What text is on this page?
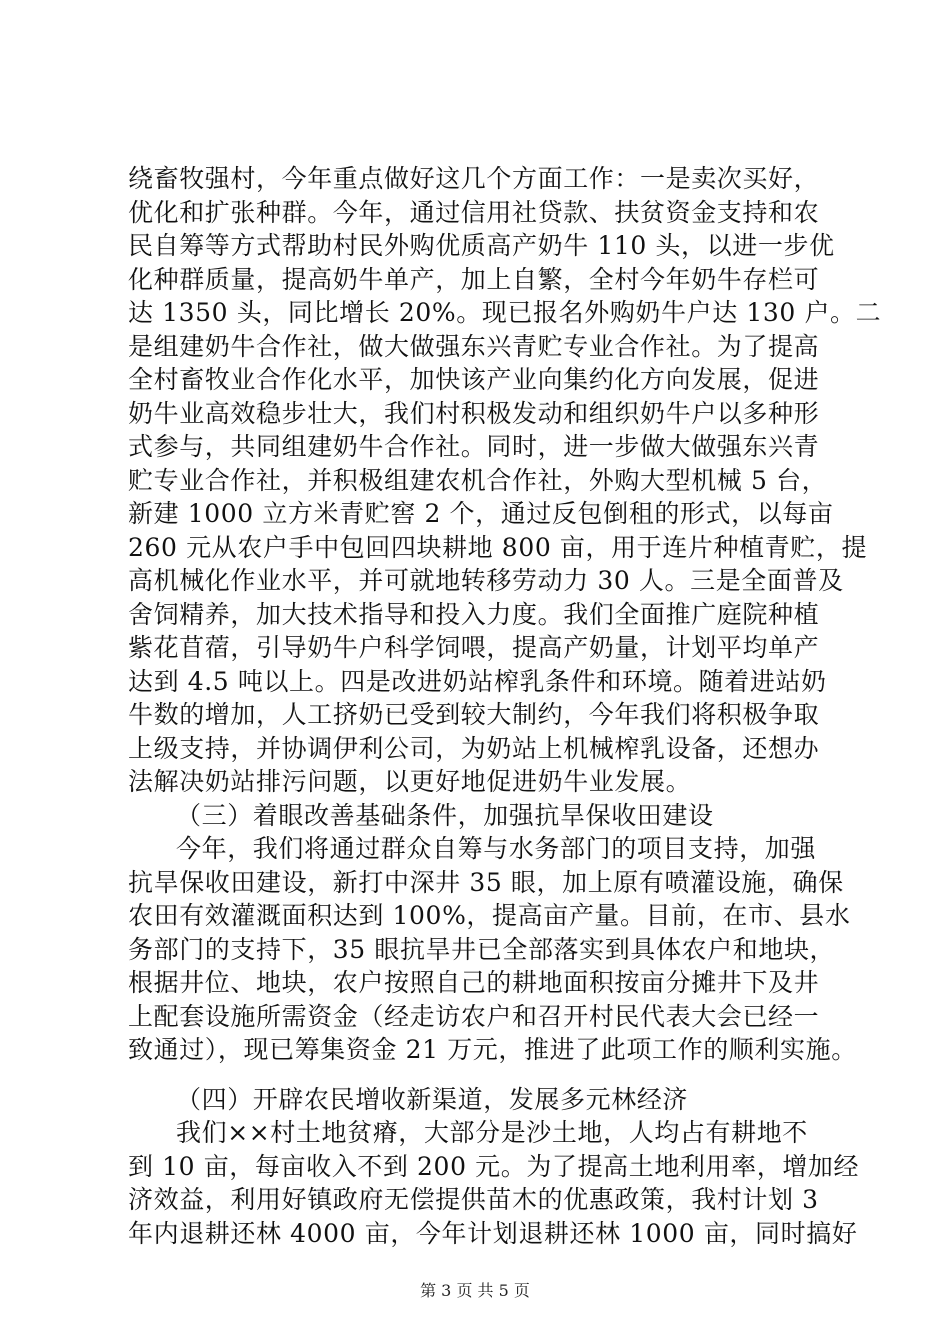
绕畜牧强村，今年重点做好这几个方面工作：一是卖次买好，
优化和扩张种群。今年，通过信用社贷款、扶贫资金支持和农
民自筹等方式帮助村民外购优质高产奶牛 110 头，以进一步优
化种群质量，提高奶牛单产，加上自繁，全村今年奶牛存栏可
达 1350 头，同比增长 20%。现已报名外购奶牛户达 130 户。二
是组建奶牛合作社，做大做强东兴青贮专业合作社。为了提高
全村畜牧业合作化水平，加快该产业向集约化方向发展，促进
奶牛业高效稳步壮大，我们村积极发动和组织奶牛户以多种形
式参与，共同组建奶牛合作社。同时，进一步做大做强东兴青
贮专业合作社，并积极组建农机合作社，外购大型机械 5 台，
新建 1000 立方米青贮窖 2 个，通过反包倒租的形式，以每亩
260 元从农户手中包回四块耕地 800 亩，用于连片种植青贮，提
高机械化作业水平，并可就地转移劳动力 30 人。三是全面普及
舍饲精养，加大技术指导和投入力度。我们全面推广庭院种植
紫花苜蓿，引导奶牛户科学饲喂，提高产奶量，计划平均单产
达到 4.5 吨以上。四是改进奶站榨乳条件和环境。随着进站奶
牛数的增加，人工挤奶已受到较大制约，今年我们将积极争取
上级支持，并协调伊利公司，为奶站上机械榨乳设备，还想办
法解决奶站排污问题，以更好地促进奶牛业发展。
（三）着眼改善基础条件，加强抗旱保收田建设
今年，我们将通过群众自筹与水务部门的项目支持，加强
抗旱保收田建设，新打中深井 35 眼，加上原有喷灌设施，确保
农田有效灌溉面积达到 100%，提高亩产量。目前，在市、县水
务部门的支持下，35 眼抗旱井已全部落实到具体农户和地块，
根据井位、地块，农户按照自己的耕地面积按亩分摊井下及井
上配套设施所需资金（经走访农户和召开村民代表大会已经一
致通过），现已筹集资金 21 万元，推进了此项工作的顺利实施。
（四）开辟农民增收新渠道，发展多元林经济
我们××村土地贫瘠，大部分是沙土地，人均占有耕地不
到 10 亩，每亩收入不到 200 元。为了提高土地利用率，增加经
济效益，利用好镇政府无偿提供苗木的优惠政策，我村计划 3
年内退耕还林 4000 亩，今年计划退耕还林 1000 亩，同时搞好
第 3 页 共 5 页
